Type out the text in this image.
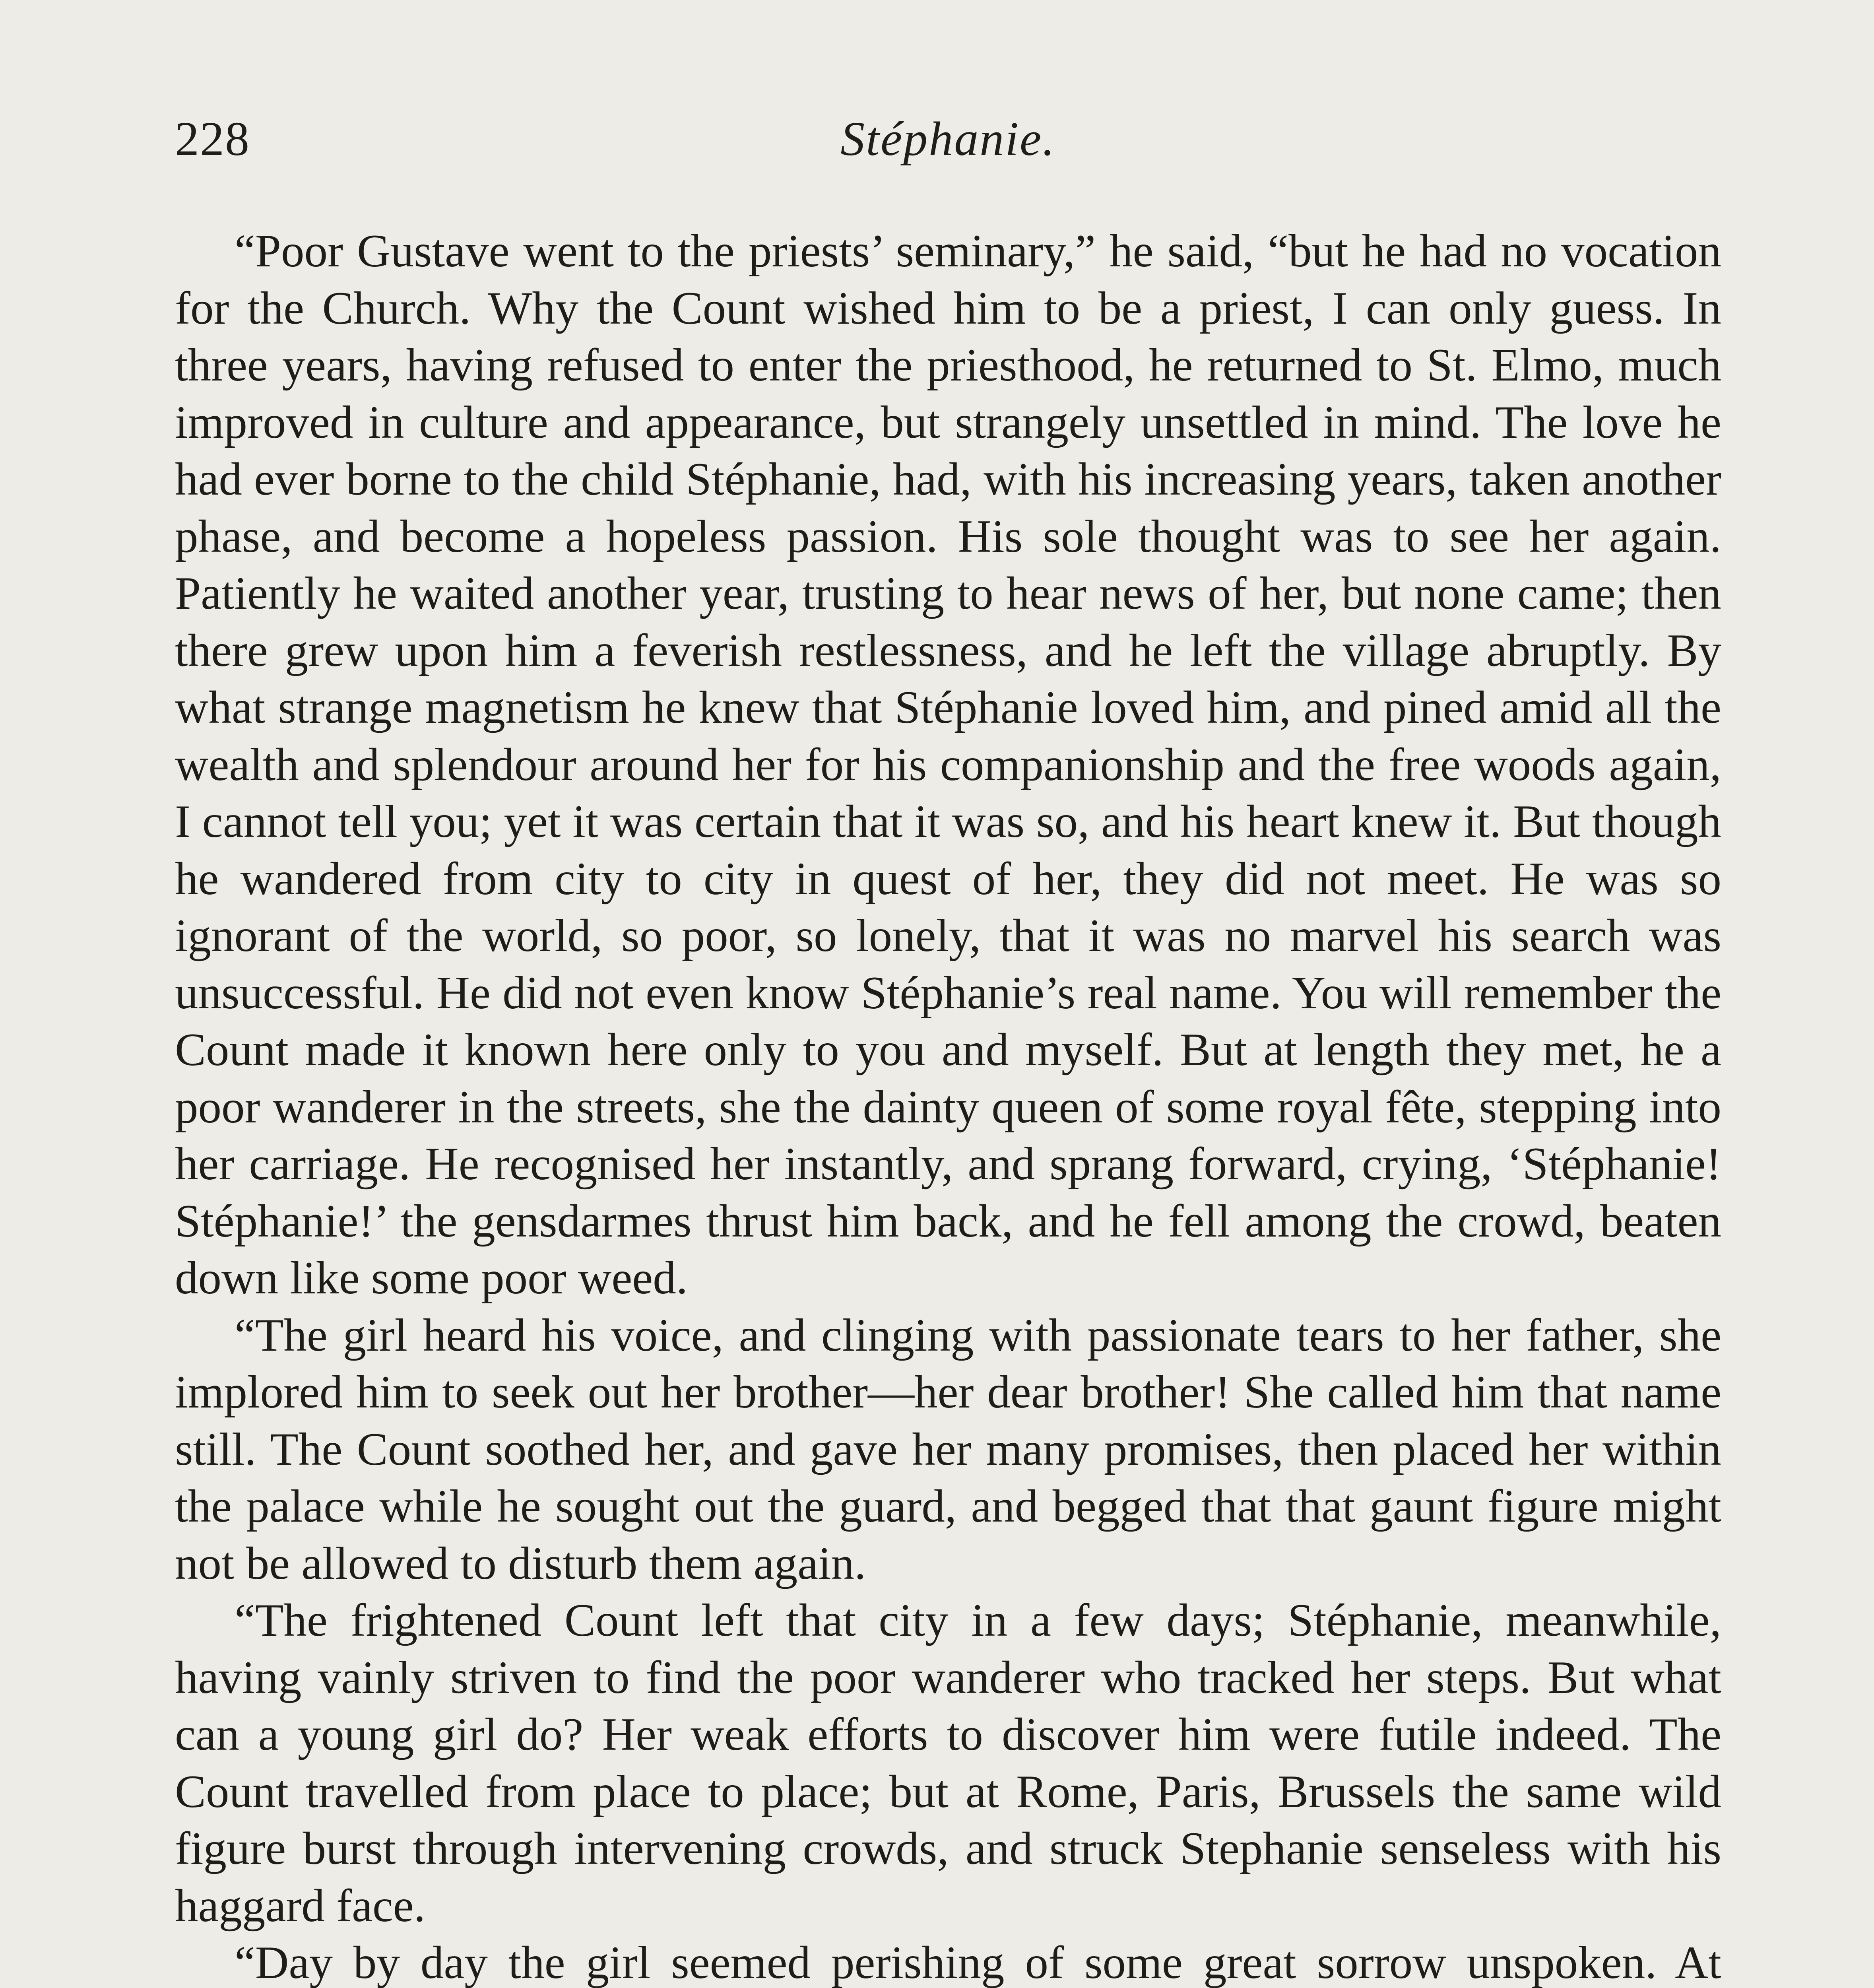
228	Stéphanie.

“Poor Gustave went to the priests’ seminary,” he said, “but he had no vocation for the Church. Why the Count wished him to be a priest, I can only guess. In three years, having refused to enter the priesthood, he returned to St. Elmo, much improved in culture and appearance, but strangely unsettled in mind. The love he had ever borne to the child Stéphanie, had, with his increasing years, taken another phase, and become a hopeless passion. His sole thought was to see her again. Patiently he waited another year, trusting to hear news of her, but none came; then there grew upon him a feverish restlessness, and he left the village abruptly. By what strange magnetism he knew that Stéphanie loved him, and pined amid all the wealth and splendour around her for his companionship and the free woods again, I cannot tell you; yet it was certain that it was so, and his heart knew it. But though he wandered from city to city in quest of her, they did not meet. He was so ignorant of the world, so poor, so lonely, that it was no marvel his search was unsuccessful. He did not even know Stéphanie’s real name. You will remember the Count made it known here only to you and myself. But at length they met, he a poor wanderer in the streets, she the dainty queen of some royal fête, stepping into her carriage. He recognised her instantly, and sprang forward, crying, ‘Stéphanie! Stéphanie!’ the gensdarmes thrust him back, and he fell among the crowd, beaten down like some poor weed.

“The girl heard his voice, and clinging with passionate tears to her father, she implored him to seek out her brother—her dear brother! She called him that name still. The Count soothed her, and gave her many promises, then placed her within the palace while he sought out the guard, and begged that that gaunt figure might not be allowed to disturb them again.

“The frightened Count left that city in a few days; Stéphanie, meanwhile, having vainly striven to find the poor wanderer who tracked her steps. But what can a young girl do? Her weak efforts to discover him were futile indeed. The Count travelled from place to place; but at Rome, Paris, Brussels the same wild figure burst through intervening crowds, and struck Stephanie senseless with his haggard face.

“Day by day the girl seemed perishing of some great sorrow unspoken. At
